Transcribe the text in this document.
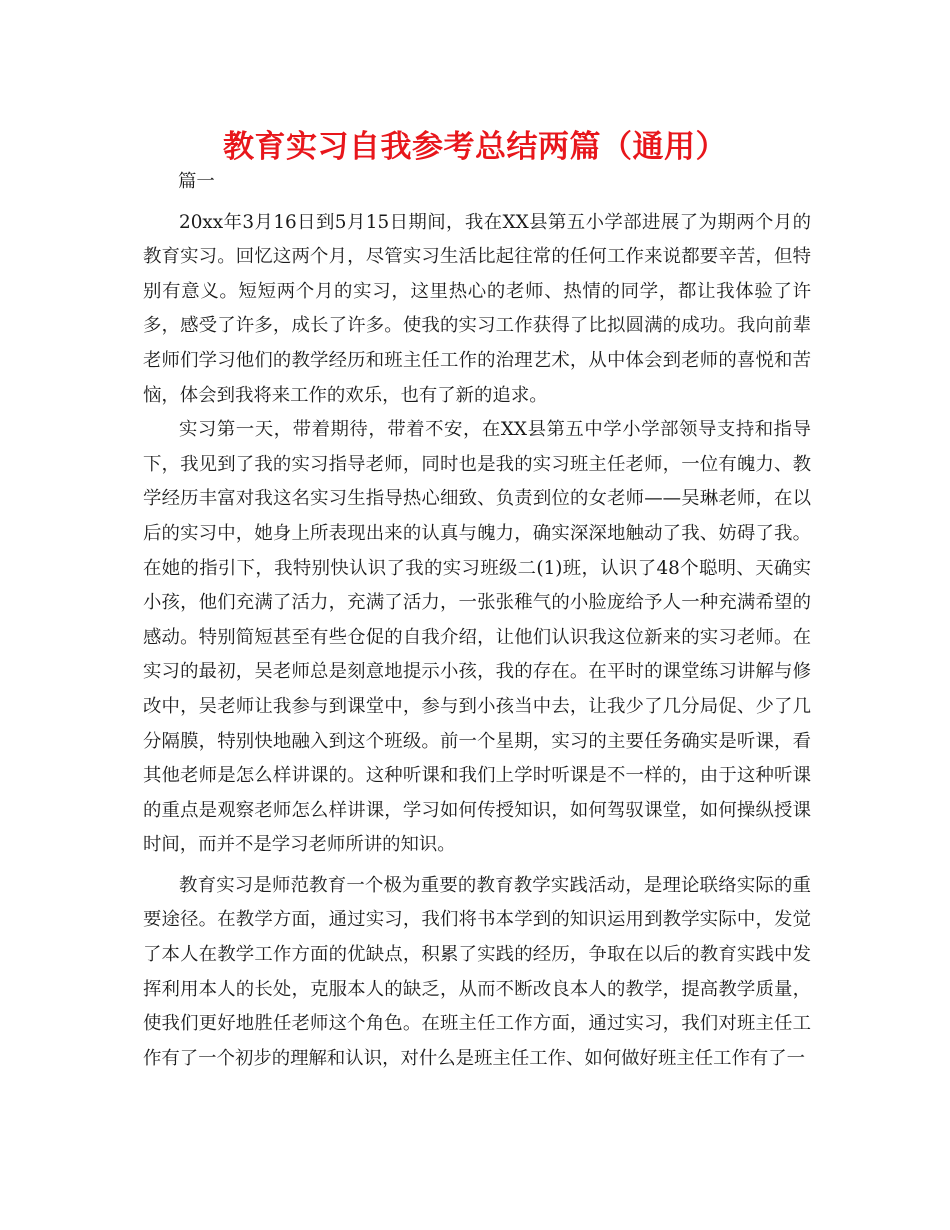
教育实习自我参考总结两篇（通用）

篇一

20xx年3月16日到5月15日期间，我在XX县第五小学部进展了为期两个月的教育实习。回忆这两个月，尽管实习生活比起往常的任何工作来说都要辛苦，但特别有意义。短短两个月的实习，这里热心的老师、热情的同学，都让我体验了许多，感受了许多，成长了许多。使我的实习工作获得了比拟圆满的成功。我向前辈老师们学习他们的教学经历和班主任工作的治理艺术，从中体会到老师的喜悦和苦恼，体会到我将来工作的欢乐，也有了新的追求。

实习第一天，带着期待，带着不安，在XX县第五中学小学部领导支持和指导下，我见到了我的实习指导老师，同时也是我的实习班主任老师，一位有魄力、教学经历丰富对我这名实习生指导热心细致、负责到位的女老师——吴琳老师，在以后的实习中，她身上所表现出来的认真与魄力，确实深深地触动了我、妨碍了我。在她的指引下，我特别快认识了我的实习班级二(1)班，认识了48个聪明、天确实小孩，他们充满了活力，充满了活力，一张张稚气的小脸庞给予人一种充满希望的感动。特别简短甚至有些仓促的自我介绍，让他们认识我这位新来的实习老师。在实习的最初，吴老师总是刻意地提示小孩，我的存在。在平时的课堂练习讲解与修改中，吴老师让我参与到课堂中，参与到小孩当中去，让我少了几分局促、少了几分隔膜，特别快地融入到这个班级。前一个星期，实习的主要任务确实是听课，看其他老师是怎么样讲课的。这种听课和我们上学时听课是不一样的，由于这种听课的重点是观察老师怎么样讲课，学习如何传授知识，如何驾驭课堂，如何操纵授课时间，而并不是学习老师所讲的知识。

教育实习是师范教育一个极为重要的教育教学实践活动，是理论联络实际的重要途径。在教学方面，通过实习，我们将书本学到的知识运用到教学实际中，发觉了本人在教学工作方面的优缺点，积累了实践的经历，争取在以后的教育实践中发挥利用本人的长处，克服本人的缺乏，从而不断改良本人的教学，提高教学质量，使我们更好地胜任老师这个角色。在班主任工作方面，通过实习，我们对班主任工作有了一个初步的理解和认识，对什么是班主任工作、如何做好班主任工作有了一
